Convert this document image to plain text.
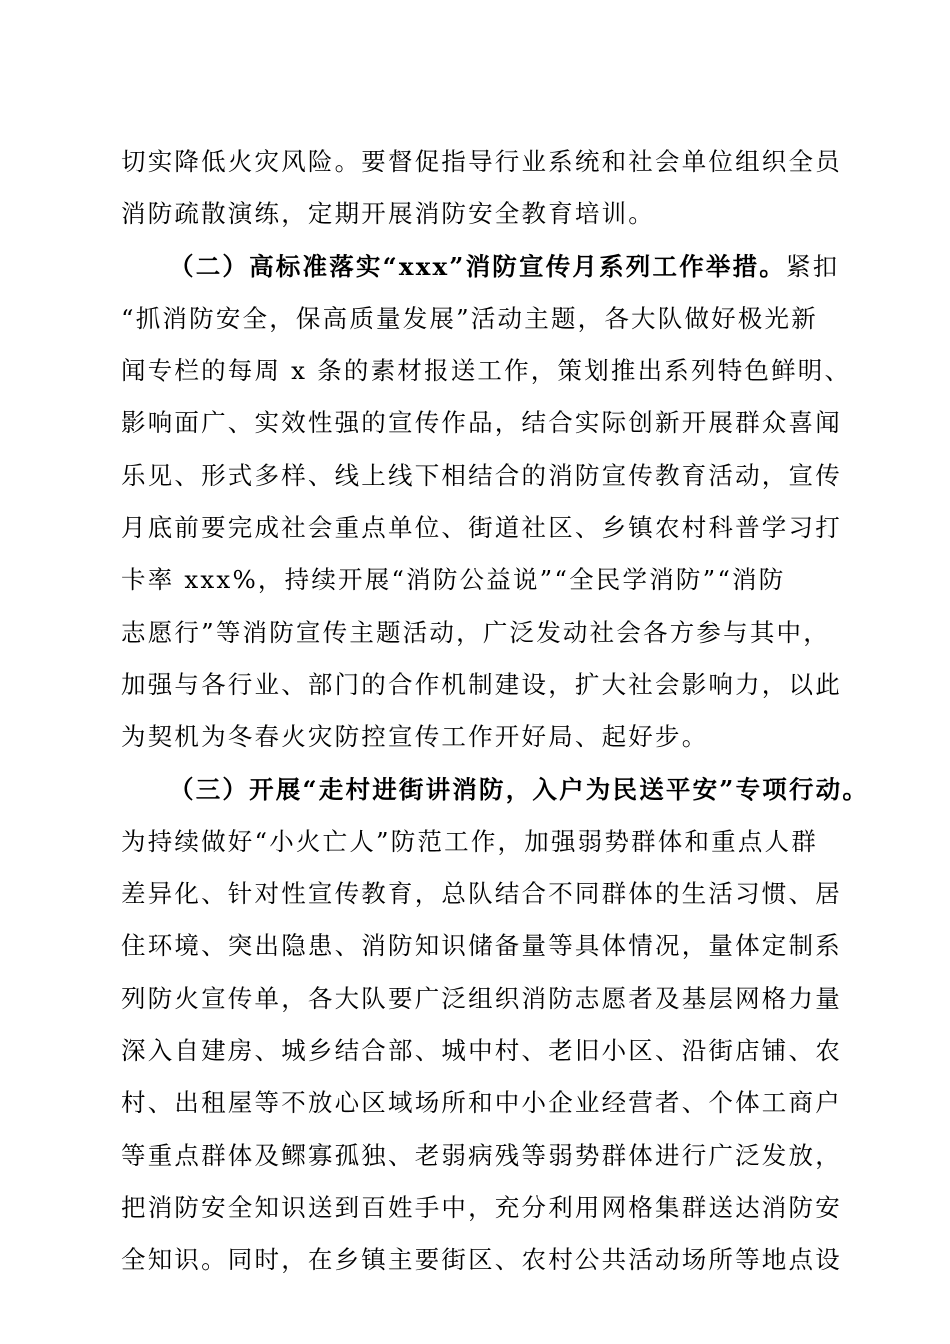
切实降低火灾风险。要督促指导行业系统和社会单位组织全员
消防疏散演练，定期开展消防安全教育培训。
（二）高标准落实“xxx”消防宣传月系列工作举措。紧扣
“抓消防安全，保高质量发展”活动主题，各大队做好极光新
闻专栏的每周 x 条的素材报送工作，策划推出系列特色鲜明、
影响面广、实效性强的宣传作品，结合实际创新开展群众喜闻
乐见、形式多样、线上线下相结合的消防宣传教育活动，宣传
月底前要完成社会重点单位、街道社区、乡镇农村科普学习打
卡率 xxx%，持续开展“消防公益说”“全民学消防”“消防
志愿行”等消防宣传主题活动，广泛发动社会各方参与其中，
加强与各行业、部门的合作机制建设，扩大社会影响力，以此
为契机为冬春火灾防控宣传工作开好局、起好步。
（三）开展“走村进街讲消防，入户为民送平安”专项行动。
为持续做好“小火亡人”防范工作，加强弱势群体和重点人群
差异化、针对性宣传教育，总队结合不同群体的生活习惯、居
住环境、突出隐患、消防知识储备量等具体情况，量体定制系
列防火宣传单，各大队要广泛组织消防志愿者及基层网格力量
深入自建房、城乡结合部、城中村、老旧小区、沿街店铺、农
村、出租屋等不放心区域场所和中小企业经营者、个体工商户
等重点群体及鳏寡孤独、老弱病残等弱势群体进行广泛发放，
把消防安全知识送到百姓手中，充分利用网格集群送达消防安
全知识。同时，在乡镇主要街区、农村公共活动场所等地点设
